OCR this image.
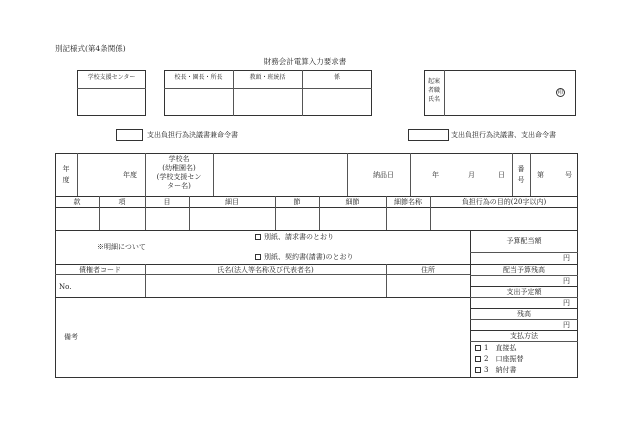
別記様式(第4条関係)
財務会計電算入力要求書
学校支援センター	校長・園長・所長	教頭・班統括	係
起案
者職
氏名
印
支出負担行為決議書兼命令書	支出負担行為決議書、支出命令書
年
度
年度
学校名
(幼稚園名)
(学校支援セン
ター名)
納品日	年	月	日
番
号
第	号
款	項	目	細目	節	細節	細節名称	負担行為の目的(20字以内)
※明細について
別紙、請求書のとおり
別紙、契約書(請書)のとおり
債権者コード
No.
氏名(法人等名称及び代表者名)	住所
備考
予算配当額
円
配当予算残高
円
支出予定額
円
残高
円
支払方法
1　直接払
2　口座振替
3　納付書
